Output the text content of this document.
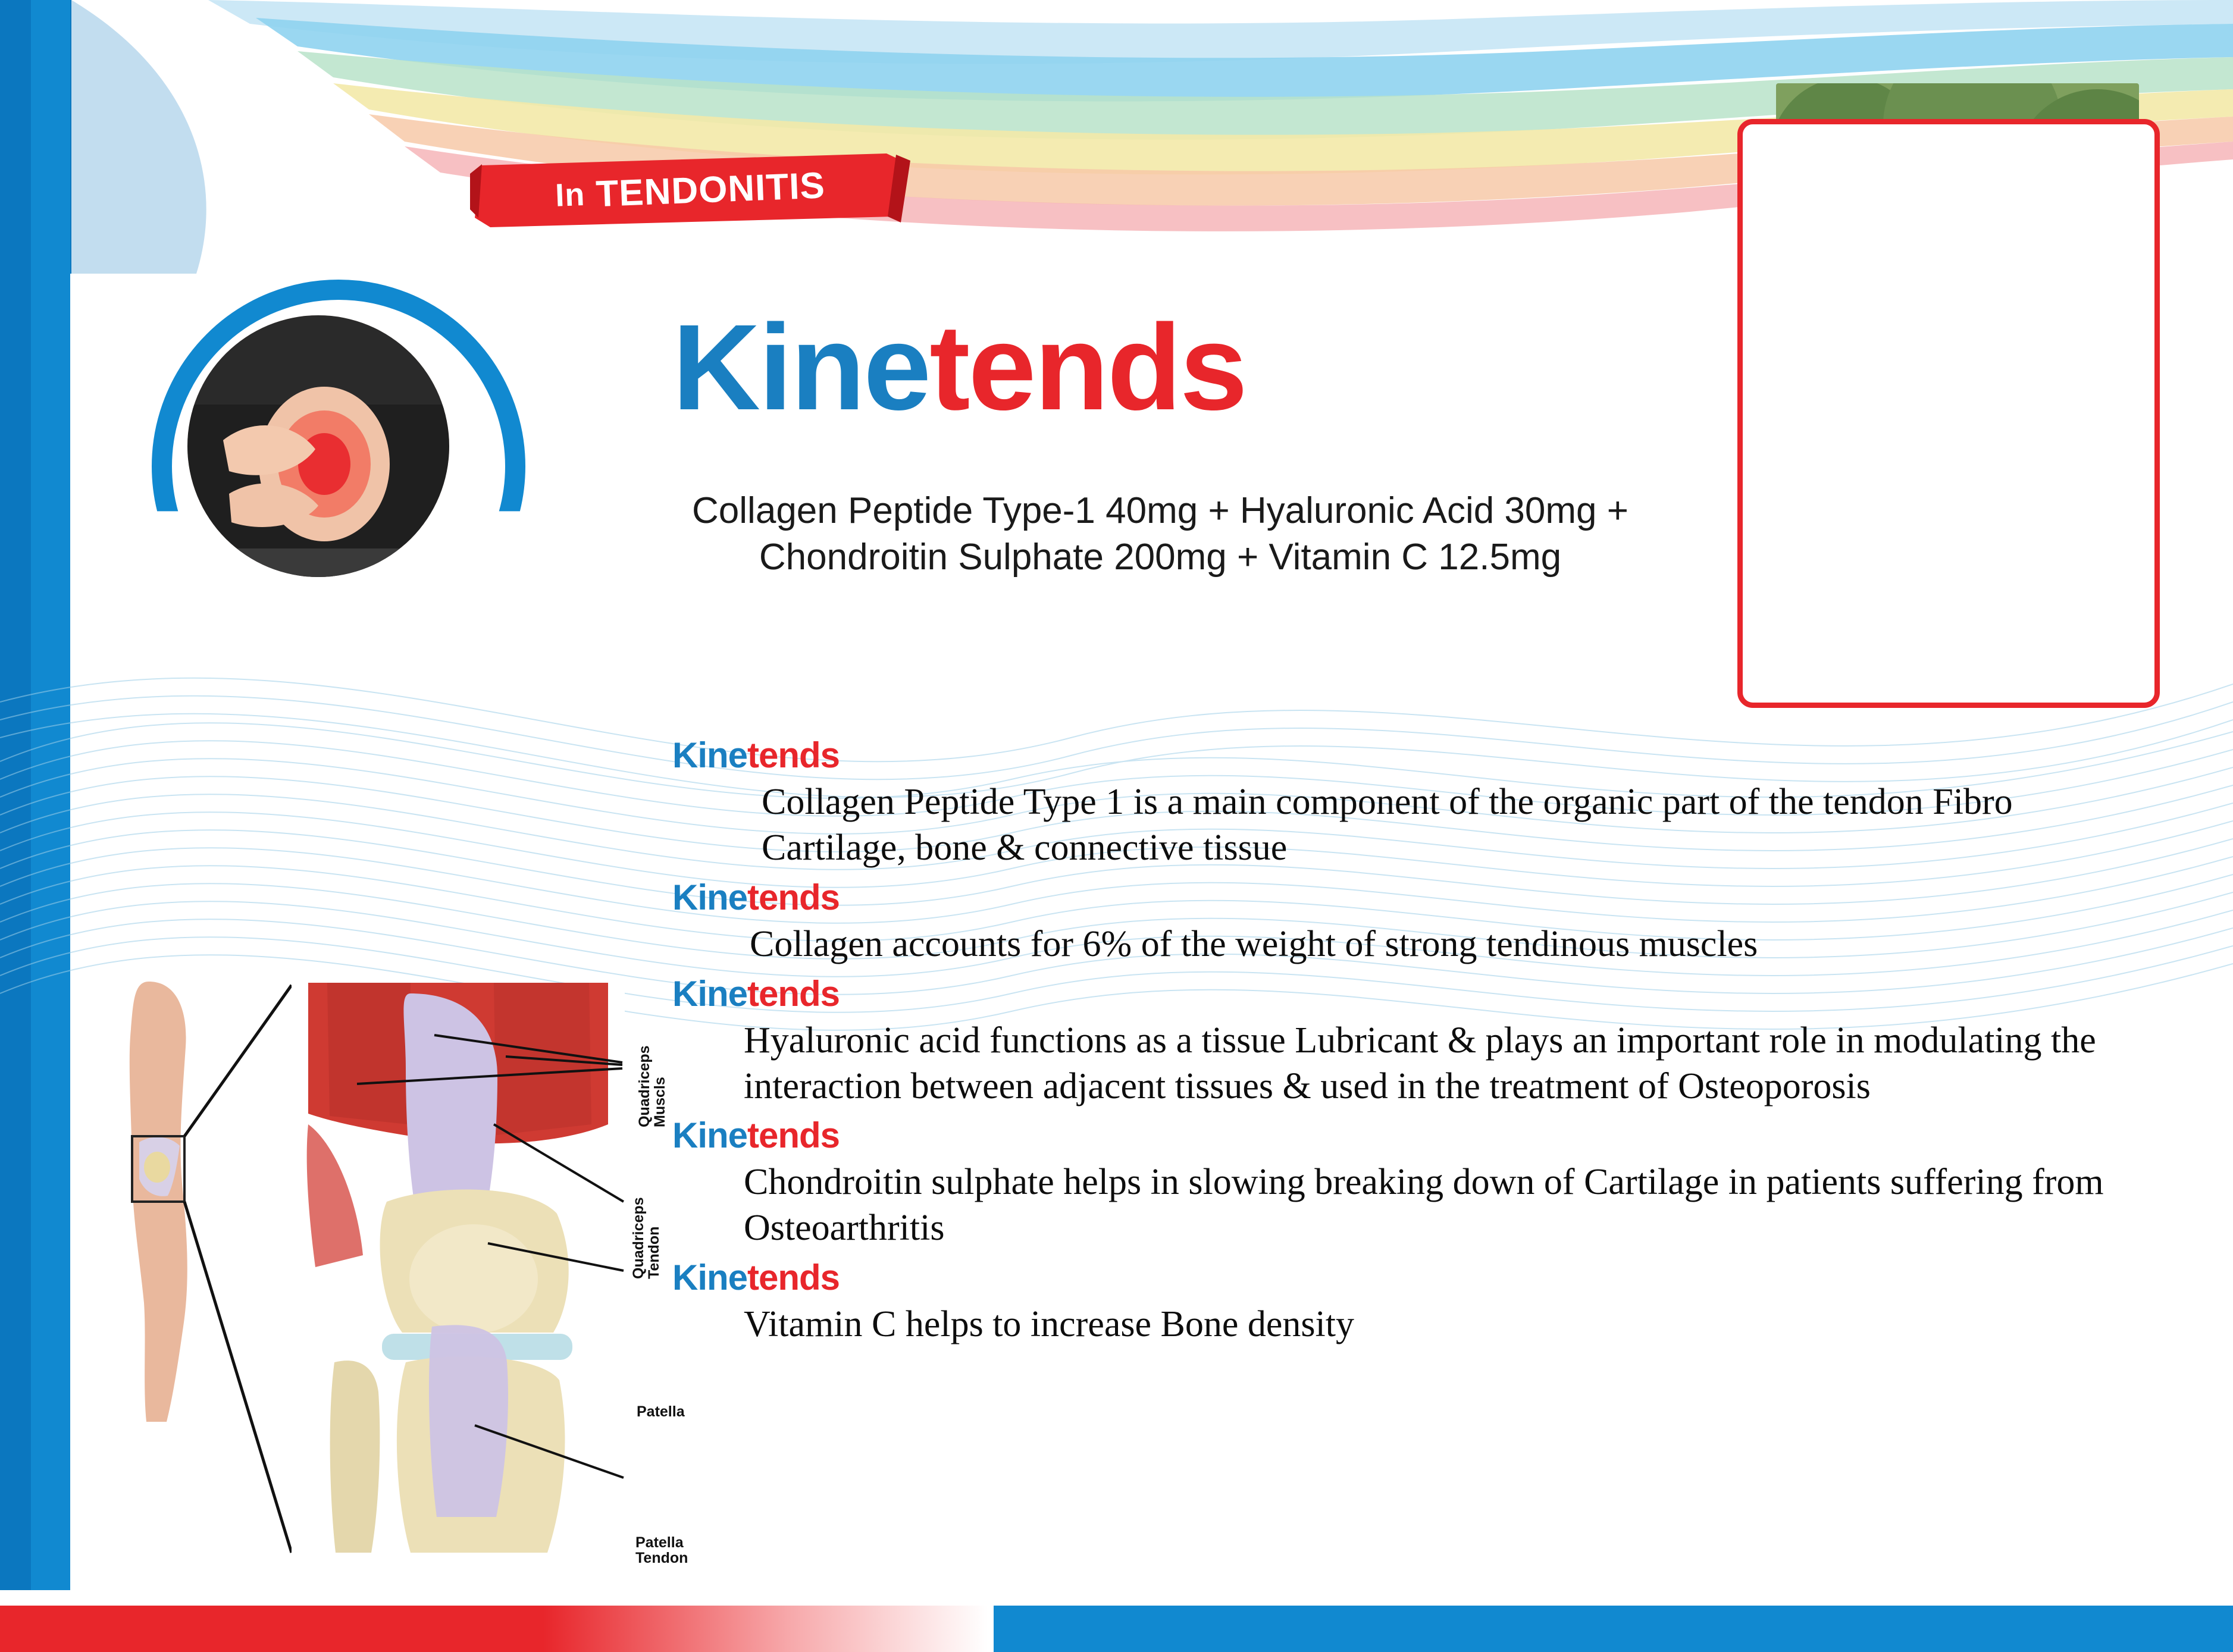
In
TENDONITIS
Kinetends
Collagen Peptide Type-1 40mg + Hyaluronic Acid 30mg +
Chondroitin Sulphate 200mg + Vitamin C 12.5mg
Quadriceps
Muscls
Quadriceps
Tendon
Patella
Patella
Tendon
Kinetends
Collagen Peptide Type 1 is a main component of the organic part of the tendon Fibro Cartilage, bone & connective tissue
Kinetends
Collagen accounts for 6% of the weight of strong tendinous muscles
Kinetends
Hyaluronic acid functions as a tissue Lubricant & plays an important role in modulating the interaction between adjacent tissues & used in the treatment of Osteoporosis
Kinetends
Chondroitin sulphate helps in slowing breaking down of Cartilage in patients suffering from Osteoarthritis
Kinetends
Vitamin C helps to increase Bone density
